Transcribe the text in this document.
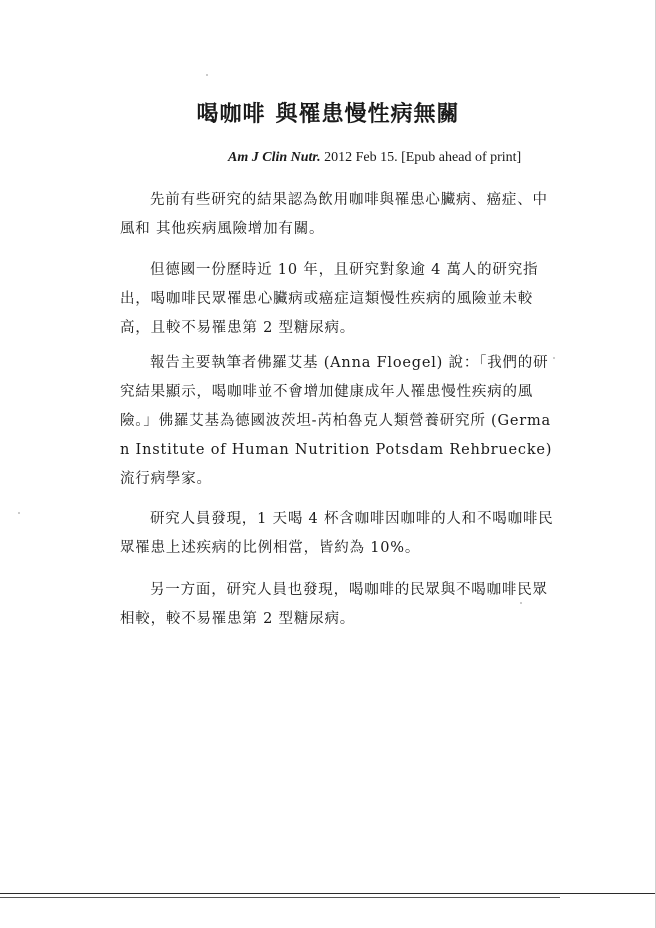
喝咖啡 與罹患慢性病無關
Am J Clin Nutr. 2012 Feb 15. [Epub ahead of print]

先前有些研究的結果認為飲用咖啡與罹患心臟病、癌症、中風和 其他疾病風險增加有關。

但德國一份歷時近 10 年，且研究對象逾 4 萬人的研究指出，喝咖啡民眾罹患心臟病或癌症這類慢性疾病的風險並未較高，且較不易罹患第 2 型糖尿病。

報告主要執筆者佛羅艾基 (Anna Floegel) 說：「我們的研究結果顯示，喝咖啡並不會增加健康成年人罹患慢性疾病的風險。」佛羅艾基為德國波茨坦-芮柏魯克人類營養研究所 (German Institute of Human Nutrition Potsdam Rehbruecke) 流行病學家。

研究人員發現，1 天喝 4 杯含咖啡因咖啡的人和不喝咖啡民眾罹患上述疾病的比例相當，皆約為 10%。

另一方面，研究人員也發現，喝咖啡的民眾與不喝咖啡民眾相較，較不易罹患第 2 型糖尿病。
